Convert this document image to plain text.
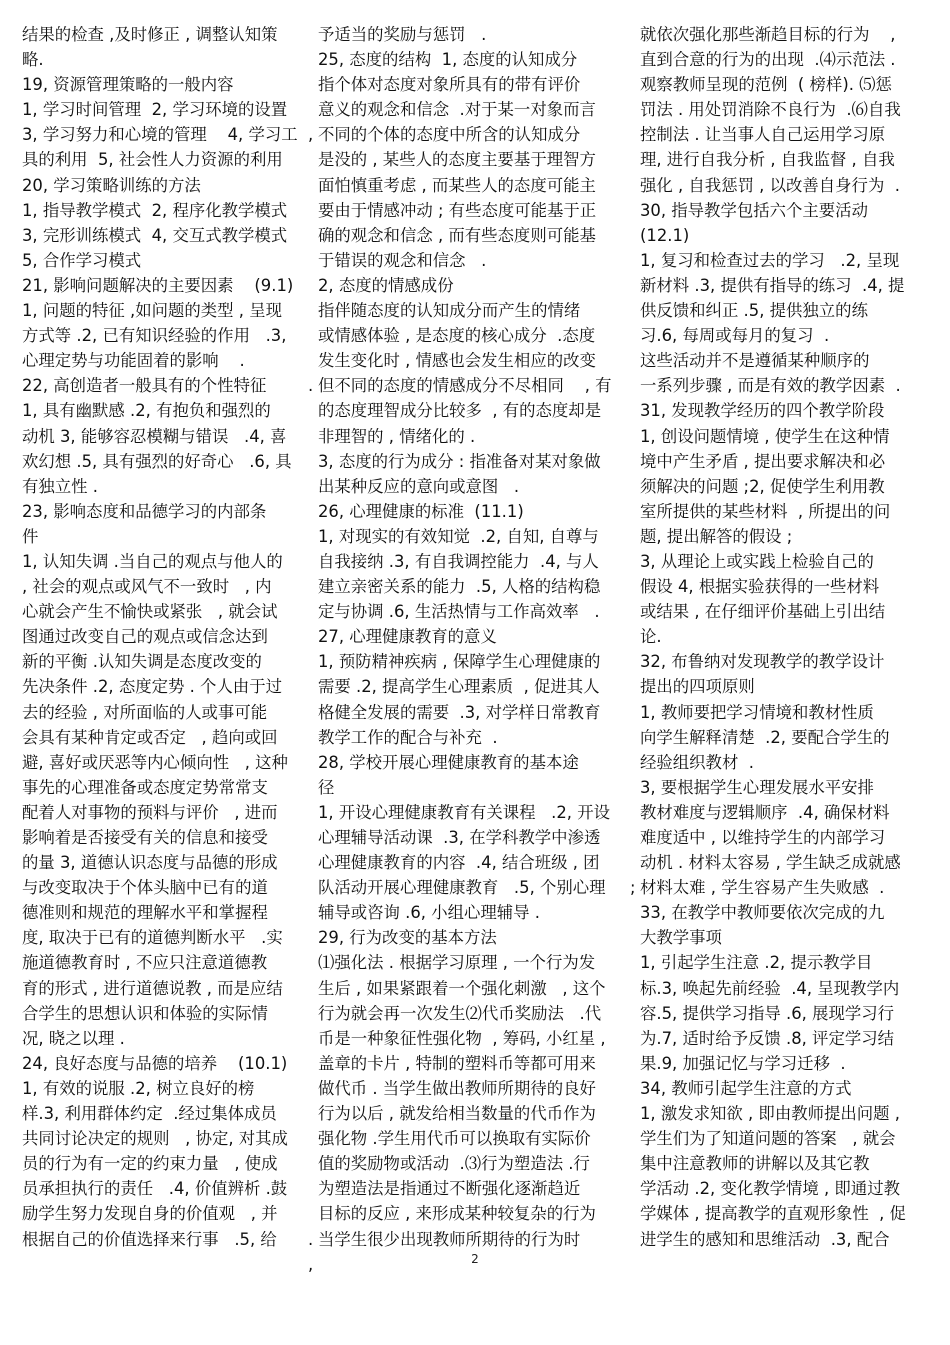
结果的检查 ,及时修正 , 调整认知策
略.
19, 资源管理策略的一般内容
1, 学习时间管理  2, 学习环境的设置
3, 学习努力和心境的管理    4, 学习工
具的利用  5, 社会性人力资源的利用
20, 学习策略训练的方法
1, 指导教学模式  2, 程序化教学模式
3, 完形训练模式  4, 交互式教学模式
5, 合作学习模式
21, 影响问题解决的主要因素    (9.1)
1, 问题的特征 ,如问题的类型 , 呈现
方式等 .2, 已有知识经验的作用   .3,
心理定势与功能固着的影响    .
22, 高创造者一般具有的个性特征
1, 具有幽默感 .2, 有抱负和强烈的
动机 3, 能够容忍模糊与错误   .4, 喜
欢幻想 .5, 具有强烈的好奇心   .6, 具
有独立性 .
23, 影响态度和品德学习的内部条
件
1, 认知失调 .当自己的观点与他人的
, 社会的观点或风气不一致时   , 内
心就会产生不愉快或紧张   , 就会试
图通过改变自己的观点或信念达到
新的平衡 .认知失调是态度改变的
先决条件 .2, 态度定势 . 个人由于过
去的经验 , 对所面临的人或事可能
会具有某种肯定或否定   , 趋向或回
避, 喜好或厌恶等内心倾向性   , 这种
事先的心理准备或态度定势常常支
配着人对事物的预料与评价   , 进而
影响着是否接受有关的信息和接受
的量 3, 道德认识态度与品德的形成
与改变取决于个体头脑中已有的道
德准则和规范的理解水平和掌握程
度, 取决于已有的道德判断水平   .实
施道德教育时 , 不应只注意道德教
育的形式 , 进行道德说教 , 而是应结
合学生的思想认识和体验的实际情
况, 晓之以理 .
24, 良好态度与品德的培养    (10.1)
1, 有效的说服 .2, 树立良好的榜
样.3, 利用群体约定  .经过集体成员
共同讨论决定的规则   , 协定, 对其成
员的行为有一定的约束力量   , 使成
员承担执行的责任   .4, 价值辨析 .鼓
励学生努力发现自身的价值观   , 并
根据自己的价值选择来行事   .5, 给
予适当的奖励与惩罚   .
25, 态度的结构  1, 态度的认知成分
指个体对态度对象所具有的带有评价
意义的观念和信念  .对于某一对象而言
不同的个体的态度中所含的认知成分
是没的 , 某些人的态度主要基于理智方
面怕慎重考虑 , 而某些人的态度可能主
要由于情感冲动 ; 有些态度可能基于正
确的观念和信念 , 而有些态度则可能基
于错误的观念和信念   .
2, 态度的情感成份
指伴随态度的认知成分而产生的情绪
或情感体验 , 是态度的核心成分  .态度
发生变化时 , 情感也会发生相应的改变
但不同的态度的情感成分不尽相同    , 有
的态度理智成分比较多  , 有的态度却是
非理智的 , 情绪化的 .
3, 态度的行为成分 : 指准备对某对象做
出某种反应的意向或意图   .
26, 心理健康的标准  (11.1)
1, 对现实的有效知觉  .2, 自知, 自尊与
自我接纳 .3, 有自我调控能力  .4, 与人
建立亲密关系的能力  .5, 人格的结构稳
定与协调 .6, 生活热情与工作高效率   .
27, 心理健康教育的意义
1, 预防精神疾病 , 保障学生心理健康的
需要 .2, 提高学生心理素质  , 促进其人
格健全发展的需要  .3, 对学样日常教育
教学工作的配合与补充  .
28, 学校开展心理健康教育的基本途
径
1, 开设心理健康教育有关课程   .2, 开设
心理辅导活动课  .3, 在学科教学中渗透
心理健康教育的内容  .4, 结合班级 , 团
队活动开展心理健康教育   .5, 个别心理
辅导或咨询 .6, 小组心理辅导 .
29, 行为改变的基本方法
⑴强化法 . 根据学习原理 , 一个行为发
生后 , 如果紧跟着一个强化刺激   , 这个
行为就会再一次发生⑵代币奖励法   .代
币是一种象征性强化物  , 筹码, 小红星 ,
盖章的卡片 , 特制的塑料币等都可用来
做代币 . 当学生做出教师所期待的良好
行为以后 , 就发给相当数量的代币作为
强化物 .学生用代币可以换取有实际价
值的奖励物或活动  .⑶行为塑造法 .行
为塑造法是指通过不断强化逐渐趋近
目标的反应 , 来形成某种较复杂的行为
当学生很少出现教师所期待的行为时
就依次强化那些渐趋目标的行为    ,
直到合意的行为的出现  .⑷示范法 .
观察教师呈现的范例  ( 榜样). ⑸惩
罚法 . 用处罚消除不良行为  .⑹自我
控制法 . 让当事人自己运用学习原
理, 进行自我分析 , 自我监督 , 自我
强化 , 自我惩罚 , 以改善自身行为  .
30, 指导教学包括六个主要活动
(12.1)
1, 复习和检查过去的学习   .2, 呈现
新材料 .3, 提供有指导的练习  .4, 提
供反馈和纠正 .5, 提供独立的练
习.6, 每周或每月的复习  .
这些活动并不是遵循某种顺序的
一系列步骤 , 而是有效的教学因素  .
31, 发现教学经历的四个教学阶段
1, 创设问题情境 , 使学生在这种情
境中产生矛盾 , 提出要求解决和必
须解决的问题 ;2, 促使学生利用教
室所提供的某些材料  , 所提出的问
题, 提出解答的假设 ;
3, 从理论上或实践上检验自己的
假设 4, 根据实验获得的一些材料
或结果 , 在仔细评价基础上引出结
论.
32, 布鲁纳对发现教学的教学设计
提出的四项原则
1, 教师要把学习情境和教材性质
向学生解释清楚  .2, 要配合学生的
经验组织教材  .
3, 要根据学生心理发展水平安排
教材难度与逻辑顺序  .4, 确保材料
难度适中 , 以维持学生的内部学习
动机 . 材料太容易 , 学生缺乏成就感
材料太难 , 学生容易产生失败感  .
33, 在教学中教师要依次完成的九
大教学事项
1, 引起学生注意 .2, 提示教学目
标.3, 唤起先前经验  .4, 呈现教学内
容.5, 提供学习指导 .6, 展现学习行
为.7, 适时给予反馈 .8, 评定学习结
果.9, 加强记忆与学习迁移  .
34, 教师引起学生注意的方式
1, 激发求知欲 , 即由教师提出问题 ,
学生们为了知道问题的答案   , 就会
集中注意教师的讲解以及其它教
学活动 .2, 变化教学情境 , 即通过教
学媒体 , 提高教学的直观形象性  , 促
进学生的感知和思维活动  .3, 配合
2
,
.
.
,
;
